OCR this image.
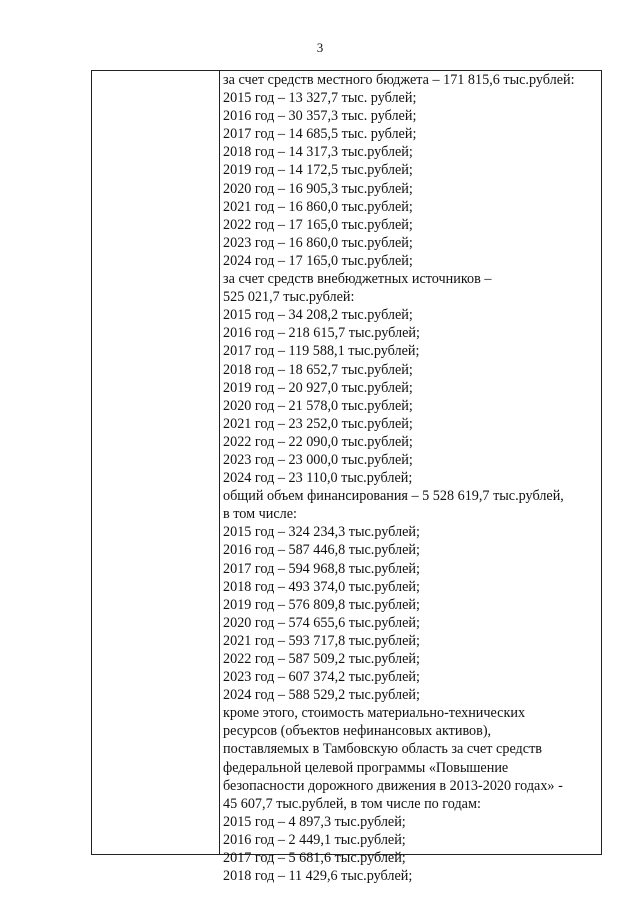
3
за счет средств местного бюджета – 171 815,6 тыс.рублей:
2015 год – 13 327,7 тыс. рублей;
2016 год – 30 357,3 тыс. рублей;
2017 год – 14 685,5 тыс. рублей;
2018 год – 14 317,3 тыс.рублей;
2019 год – 14 172,5 тыс.рублей;
2020 год – 16 905,3 тыс.рублей;
2021 год – 16 860,0 тыс.рублей;
2022 год – 17 165,0 тыс.рублей;
2023 год – 16 860,0 тыс.рублей;
2024 год – 17 165,0 тыс.рублей;
за счет средств внебюджетных источников –
525 021,7 тыс.рублей:
2015 год – 34 208,2 тыс.рублей;
2016 год – 218 615,7 тыс.рублей;
2017 год – 119 588,1 тыс.рублей;
2018 год – 18 652,7 тыс.рублей;
2019 год – 20 927,0 тыс.рублей;
2020 год – 21 578,0 тыс.рублей;
2021 год – 23 252,0 тыс.рублей;
2022 год – 22 090,0 тыс.рублей;
2023 год – 23 000,0 тыс.рублей;
2024 год – 23 110,0 тыс.рублей;
общий объем финансирования – 5 528 619,7 тыс.рублей,
в том числе:
2015 год – 324 234,3 тыс.рублей;
2016 год – 587 446,8 тыс.рублей;
2017 год – 594 968,8 тыс.рублей;
2018 год – 493 374,0 тыс.рублей;
2019 год – 576 809,8 тыс.рублей;
2020 год – 574 655,6 тыс.рублей;
2021 год – 593 717,8 тыс.рублей;
2022 год – 587 509,2 тыс.рублей;
2023 год – 607 374,2 тыс.рублей;
2024 год – 588 529,2 тыс.рублей;
кроме этого, стоимость материально-технических
ресурсов (объектов нефинансовых активов),
поставляемых в Тамбовскую область за счет средств
федеральной целевой программы «Повышение
безопасности дорожного движения в 2013-2020 годах» -
45 607,7 тыс.рублей, в том числе по годам:
2015 год – 4 897,3 тыс.рублей;
2016 год – 2 449,1 тыс.рублей;
2017 год – 5 681,6 тыс.рублей;
2018 год – 11 429,6 тыс.рублей;
